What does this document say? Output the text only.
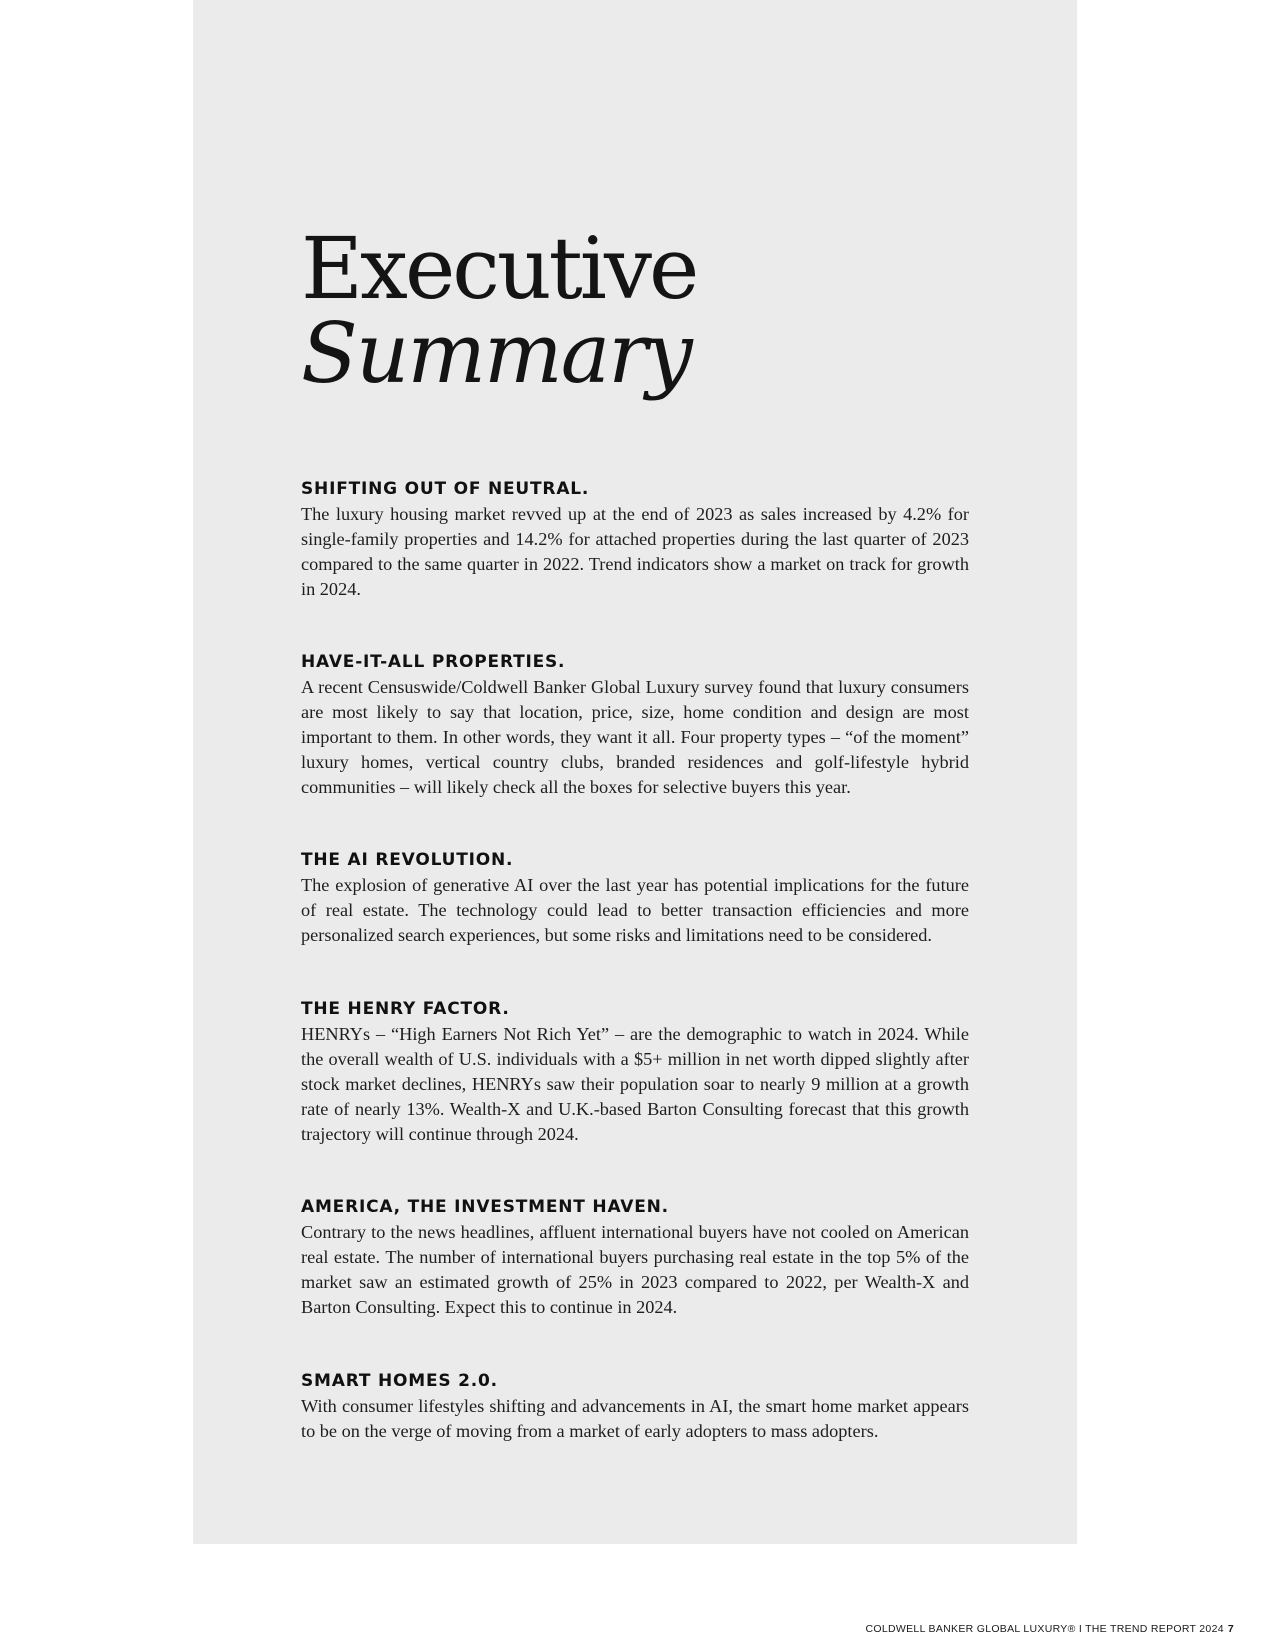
Executive
Summary
SHIFTING OUT OF NEUTRAL.

The luxury housing market revved up at the end of 2023 as sales increased by 4.2% for single-family properties and 14.2% for attached properties during the last quarter of 2023 compared to the same quarter in 2022. Trend indicators show a market on track for growth in 2024.

HAVE-IT-ALL PROPERTIES.

A recent Censuswide/Coldwell Banker Global Luxury survey found that luxury consumers are most likely to say that location, price, size, home condition and design are most important to them. In other words, they want it all. Four property types – “of the moment” luxury homes, vertical country clubs, branded residences and golf-lifestyle hybrid communities – will likely check all the boxes for selective buyers this year.

THE AI REVOLUTION.

The explosion of generative AI over the last year has potential implications for the future of real estate. The technology could lead to better transaction efficiencies and more personalized search experiences, but some risks and limitations need to be considered.

THE HENRY FACTOR.

HENRYs – “High Earners Not Rich Yet” – are the demographic to watch in 2024. While the overall wealth of U.S. individuals with a $5+ million in net worth dipped slightly after stock market declines, HENRYs saw their population soar to nearly 9 million at a growth rate of nearly 13%. Wealth-X and U.K.-based Barton Consulting forecast that this growth trajectory will continue through 2024.

AMERICA, THE INVESTMENT HAVEN.

Contrary to the news headlines, affluent international buyers have not cooled on American real estate. The number of international buyers purchasing real estate in the top 5% of the market saw an estimated growth of 25% in 2023 compared to 2022, per Wealth-X and Barton Consulting. Expect this to continue in 2024.

SMART HOMES 2.0.

With consumer lifestyles shifting and advancements in AI, the smart home market appears to be on the verge of moving from a market of early adopters to mass adopters.

COLDWELL BANKER GLOBAL LUXURY® I THE TREND REPORT 2024 7
